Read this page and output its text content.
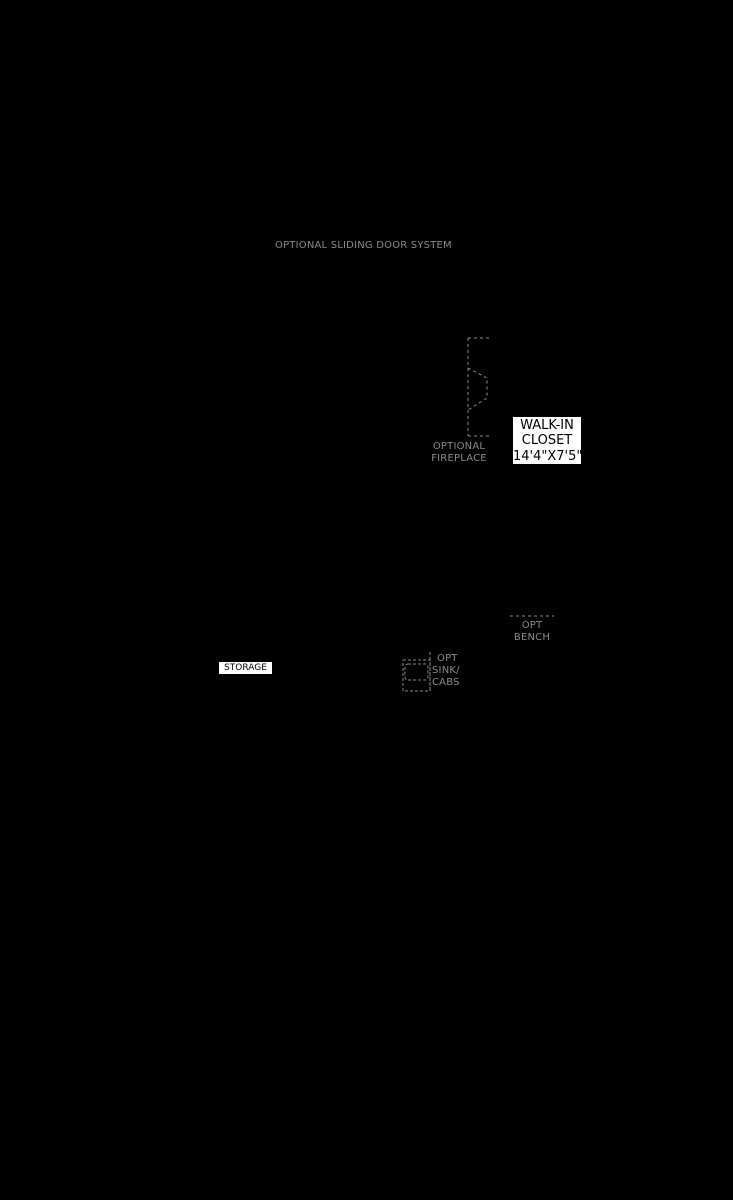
OPTIONAL SLIDING DOOR SYSTEM
OPTIONAL
FIREPLACE
WALK-IN
CLOSET
14'4"X7'5"
OPT
BENCH
STORAGE
OPT
SINK/
CABS
